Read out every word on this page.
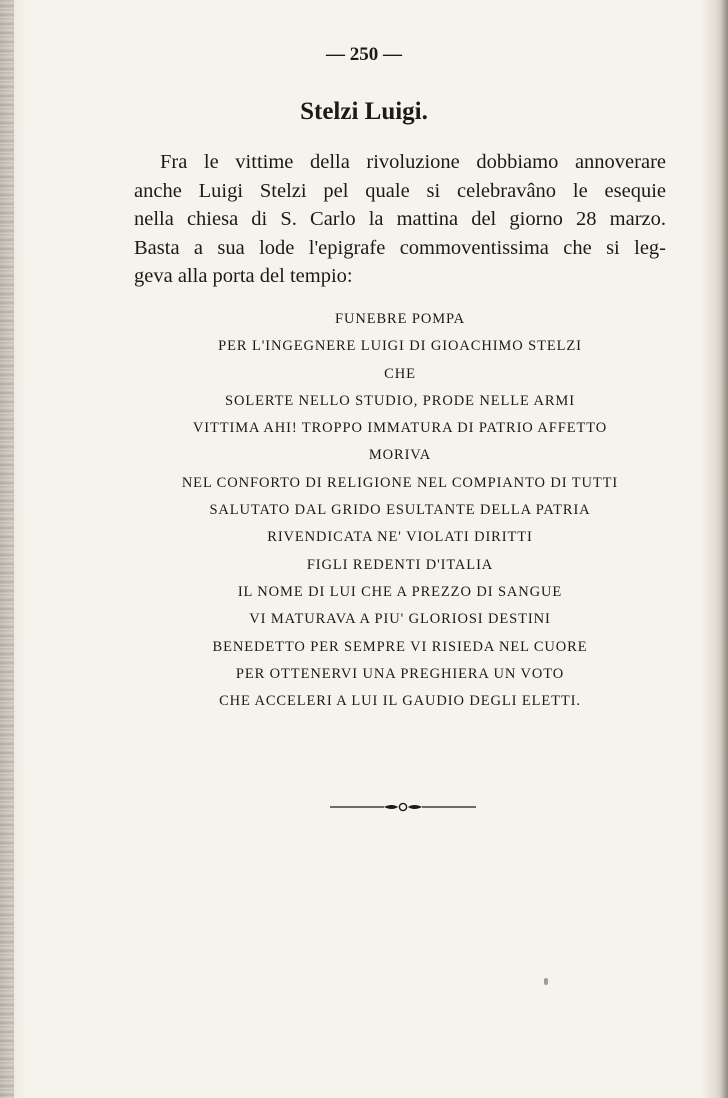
— 250 —
Stelzi Luigi.
Fra le vittime della rivoluzione dobbiamo annoverare
anche Luigi Stelzi pel quale si celebravâno le esequie
nella chiesa di S. Carlo la mattina del giorno 28 marzo.
Basta a sua lode l'epigrafe commoventissima che si leg-
geva alla porta del tempio:
FUNEBRE POMPA
PER L'INGEGNERE LUIGI DI GIOACHIMO STELZI
CHE
SOLERTE NELLO STUDIO, PRODE NELLE ARMI
VITTIMA AHI! TROPPO IMMATURA DI PATRIO AFFETTO
MORIVA
NEL CONFORTO DI RELIGIONE NEL COMPIANTO DI TUTTI
SALUTATO DAL GRIDO ESULTANTE DELLA PATRIA
RIVENDICATA NE' VIOLATI DIRITTI
FIGLI REDENTI D'ITALIA
IL NOME DI LUI CHE A PREZZO DI SANGUE
VI MATURAVA A PIU' GLORIOSI DESTINI
BENEDETTO PER SEMPRE VI RISIEDA NEL CUORE
PER OTTENERVI UNA PREGHIERA UN VOTO
CHE ACCELERI A LUI IL GAUDIO DEGLI ELETTI.
